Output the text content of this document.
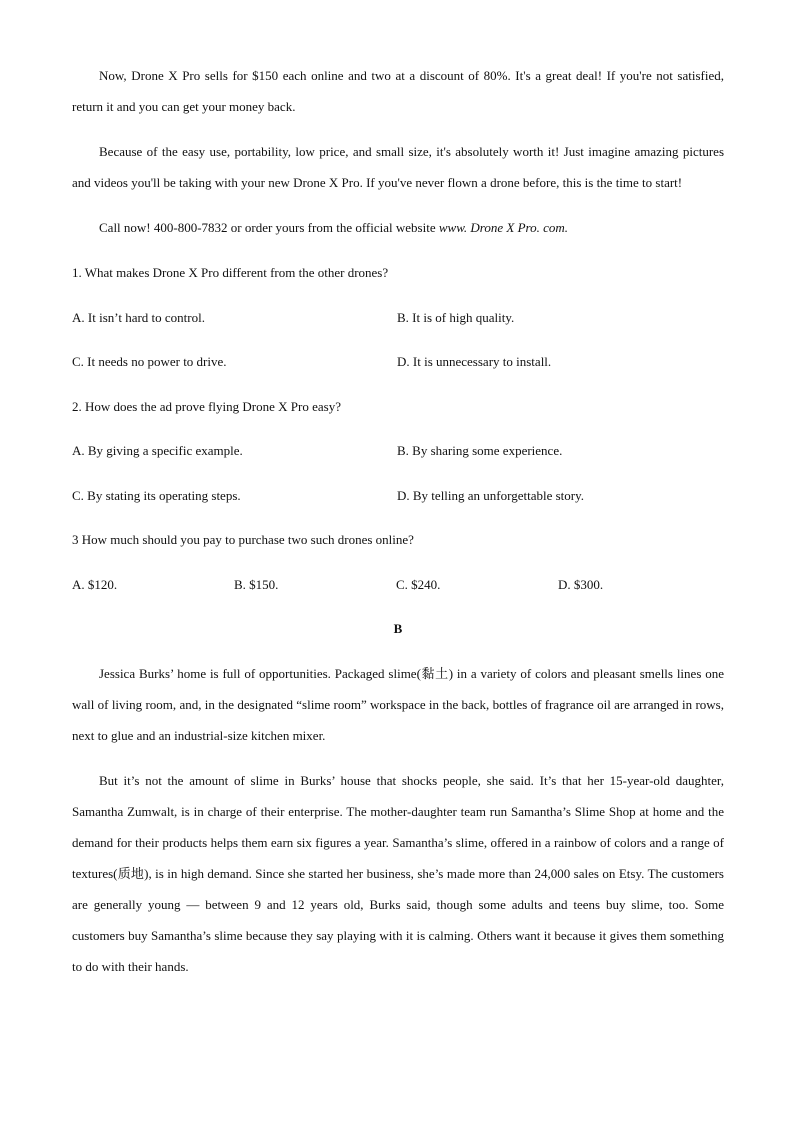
Now, Drone X Pro sells for $150 each online and two at a discount of 80%. It's a great deal! If you're not satisfied, return it and you can get your money back.

Because of the easy use, portability, low price, and small size, it's absolutely worth it! Just imagine amazing pictures and videos you'll be taking with your new Drone X Pro. If you've never flown a drone before, this is the time to start!

Call now! 400-800-7832 or order yours from the official website www. Drone X Pro. com.

1. What makes Drone X Pro different from the other drones?
A. It isn’t hard to control.	B. It is of high quality.
C. It needs no power to drive.	D. It is unnecessary to install.
2. How does the ad prove flying Drone X Pro easy?
A. By giving a specific example.	B. By sharing some experience.
C. By stating its operating steps.	D. By telling an unforgettable story.
3 How much should you pay to purchase two such drones online?
A. $120.	B. $150.	C. $240.	D. $300.
B

Jessica Burks’ home is full of opportunities. Packaged slime(黏土) in a variety of colors and pleasant smells lines one wall of living room, and, in the designated “slime room” workspace in the back, bottles of fragrance oil are arranged in rows, next to glue and an industrial-size kitchen mixer.

But it’s not the amount of slime in Burks’ house that shocks people, she said. It’s that her 15-year-old daughter, Samantha Zumwalt, is in charge of their enterprise. The mother-daughter team run Samantha’s Slime Shop at home and the demand for their products helps them earn six figures a year. Samantha’s slime, offered in a rainbow of colors and a range of textures(质地), is in high demand. Since she started her business, she’s made more than 24,000 sales on Etsy. The customers are generally young — between 9 and 12 years old, Burks said, though some adults and teens buy slime, too. Some customers buy Samantha’s slime because they say playing with it is calming. Others want it because it gives them something to do with their hands.
